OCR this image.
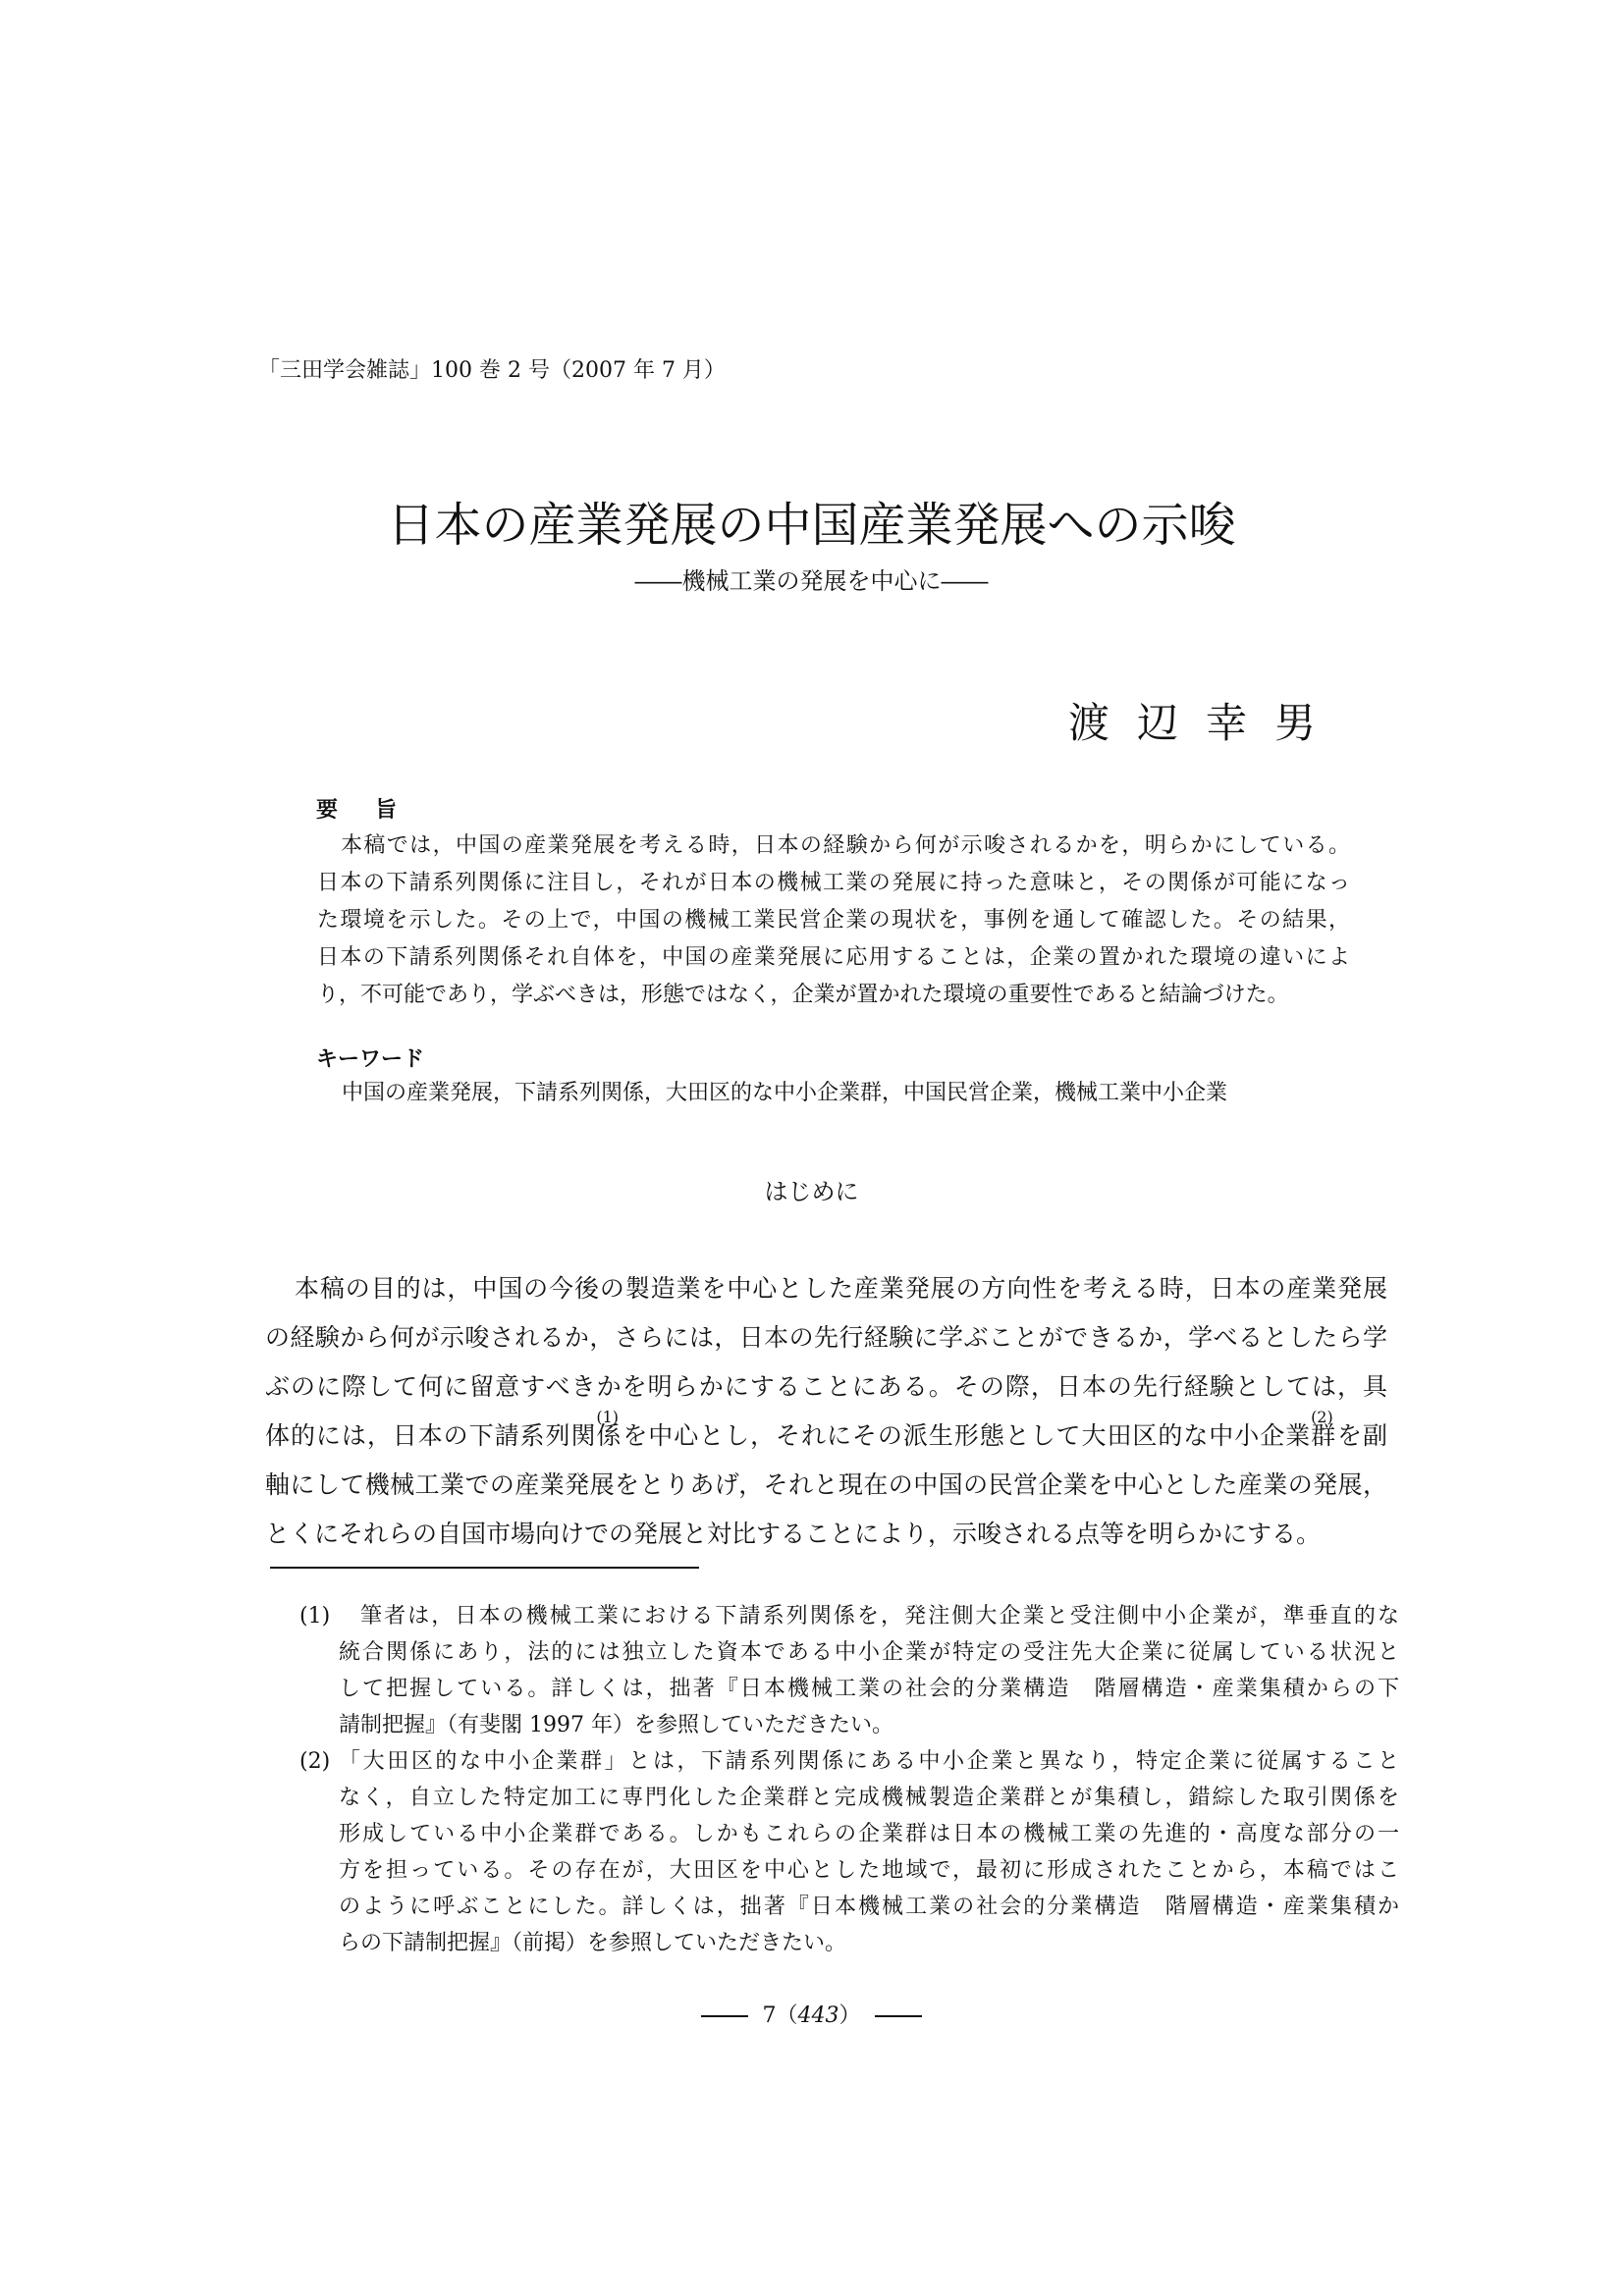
「三田学会雑誌」100 巻 2 号（2007 年 7 月）
日本の産業発展の中国産業発展への示唆
――機械工業の発展を中心に――
渡辺幸男
要旨
本稿では，中国の産業発展を考える時，日本の経験から何が示唆されるかを，明らかにしている。
日本の下請系列関係に注目し，それが日本の機械工業の発展に持った意味と，その関係が可能になっ
た環境を示した。その上で，中国の機械工業民営企業の現状を，事例を通して確認した。その結果，
日本の下請系列関係それ自体を，中国の産業発展に応用することは，企業の置かれた環境の違いによ
り，不可能であり，学ぶべきは，形態ではなく，企業が置かれた環境の重要性であると結論づけた。
キーワード
中国の産業発展，下請系列関係，大田区的な中小企業群，中国民営企業，機械工業中小企業
はじめに
本稿の目的は，中国の今後の製造業を中心とした産業発展の方向性を考える時，日本の産業発展
の経験から何が示唆されるか，さらには，日本の先行経験に学ぶことができるか，学べるとしたら学
ぶのに際して何に留意すべきかを明らかにすることにある。その際，日本の先行経験としては，具
体的には，日本の下請系列関係(1)を中心とし，それにその派生形態として大田区的な中小企業群(2)を副
軸にして機械工業での産業発展をとりあげ，それと現在の中国の民営企業を中心とした産業の発展，
とくにそれらの自国市場向けでの発展と対比することにより，示唆される点等を明らかにする。
(1)	筆者は，日本の機械工業における下請系列関係を，発注側大企業と受注側中小企業が，準垂直的な
統合関係にあり，法的には独立した資本である中小企業が特定の受注先大企業に従属している状況と
して把握している。詳しくは，拙著『日本機械工業の社会的分業構造　階層構造・産業集積からの下
請制把握』（有斐閣 1997 年）を参照していただきたい。
(2) 「大田区的な中小企業群」とは，下請系列関係にある中小企業と異なり，特定企業に従属すること
なく，自立した特定加工に専門化した企業群と完成機械製造企業群とが集積し，錯綜した取引関係を
形成している中小企業群である。しかもこれらの企業群は日本の機械工業の先進的・高度な部分の一
方を担っている。その存在が，大田区を中心とした地域で，最初に形成されたことから，本稿ではこ
のように呼ぶことにした。詳しくは，拙著『日本機械工業の社会的分業構造　階層構造・産業集積か
らの下請制把握』（前掲）を参照していただきたい。
7（443）
